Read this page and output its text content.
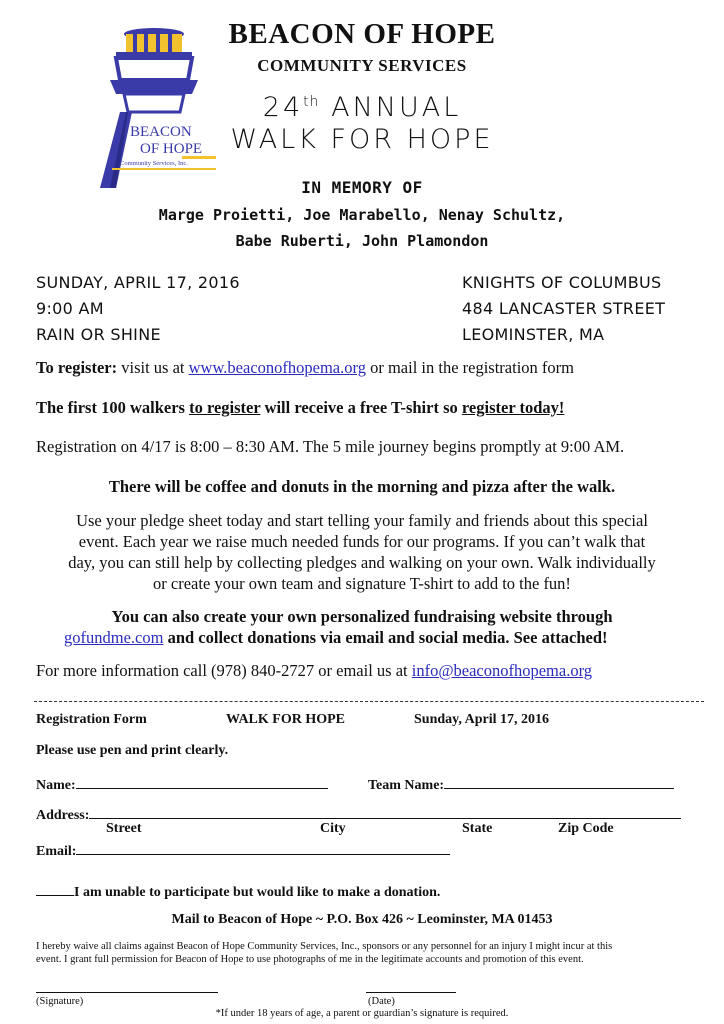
BEACON
OF HOPE
Community Services, Inc.
BEACON OF HOPE
COMMUNITY SERVICES
24th ANNUAL
WALK FOR HOPE
IN MEMORY OF
Marge Proietti, Joe Marabello, Nenay Schultz,
Babe Ruberti, John Plamondon
SUNDAY, APRIL 17, 2016
9:00 AM
RAIN OR SHINE
KNIGHTS OF COLUMBUS
484 LANCASTER STREET
LEOMINSTER, MA
To register: visit us at www.beaconofhopema.org or mail in the registration form
The first 100 walkers to register will receive a free T-shirt so register today!
Registration on 4/17 is 8:00 – 8:30 AM. The 5 mile journey begins promptly at 9:00 AM.
There will be coffee and donuts in the morning and pizza after the walk.
Use your pledge sheet today and start telling your family and friends about this special
event. Each year we raise much needed funds for our programs. If you can’t walk that
day, you can still help by collecting pledges and walking on your own. Walk individually
or create your own team and signature T-shirt to add to the fun!
You can also create your own personalized fundraising website through
gofundme.com and collect donations via email and social media. See attached!
For more information call (978) 840-2727 or email us at info@beaconofhopema.org
Registration Form	WALK FOR HOPE	Sunday, April 17, 2016
Please use pen and print clearly.
Name:	Team Name:
Address:
Street	City	State	Zip Code
Email:
I am unable to participate but would like to make a donation.
Mail to Beacon of Hope ~ P.O. Box 426 ~ Leominster, MA 01453
I hereby waive all claims against Beacon of Hope Community Services, Inc., sponsors or any personnel for an injury I might incur at this
event. I grant full permission for Beacon of Hope to use photographs of me in the legitimate accounts and promotion of this event.
(Signature)	(Date)
*If under 18 years of age, a parent or guardian’s signature is required.
